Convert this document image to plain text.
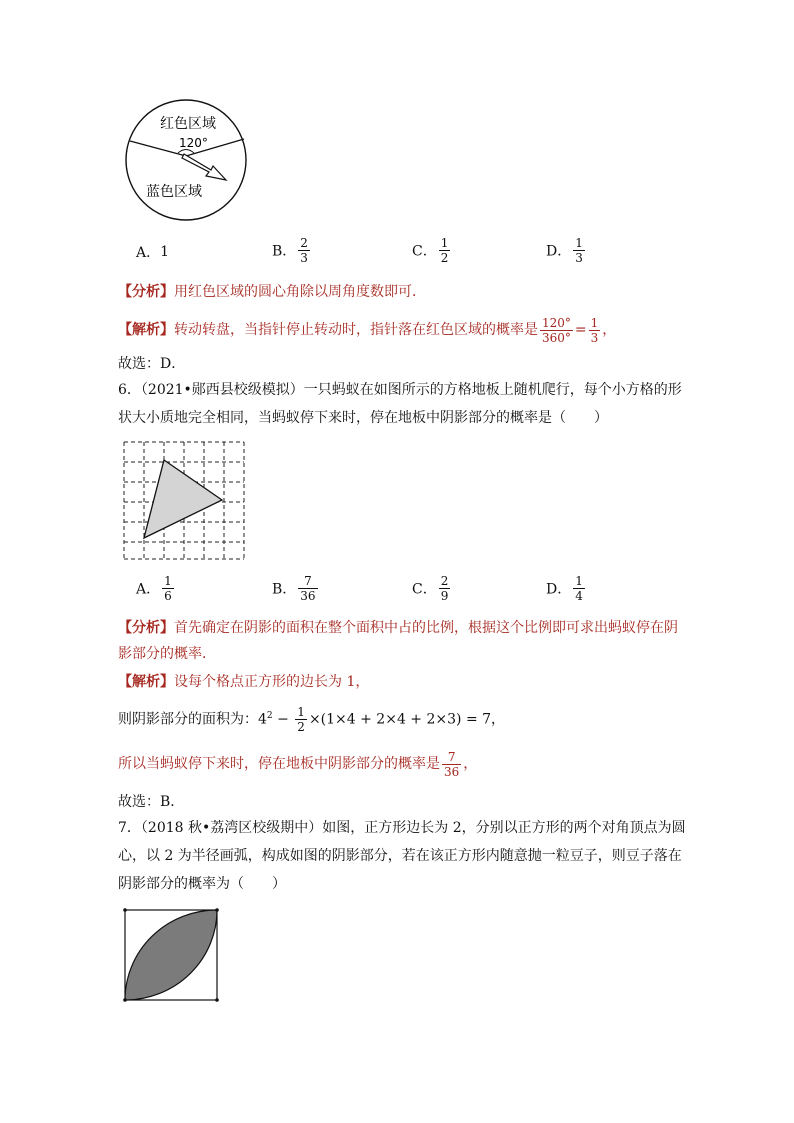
红色区域
120°
蓝色区域
A．1	B． $\frac{2}{3}$	C． $\frac{1}{2}$	D． $\frac{1}{3}$
【分析】用红色区域的圆心角除以周角度数即可．
【解析】转动转盘，当指针停止转动时，指针落在红色区域的概率是 $\frac{120^\circ}{360^\circ} = \frac{1}{3}$ ，
故选：D．
6．（2021•郧西县校级模拟）一只蚂蚁在如图所示的方格地板上随机爬行，每个小方格的形
状大小质地完全相同，当蚂蚁停下来时，停在地板中阴影部分的概率是（　　）
A． $\frac{1}{6}$	B． $\frac{7}{36}$	C． $\frac{2}{9}$	D． $\frac{1}{4}$
【分析】首先确定在阴影的面积在整个面积中占的比例，根据这个比例即可求出蚂蚁停在阴
影部分的概率．
【解析】设每个格点正方形的边长为 1，
则阴影部分的面积为：$4^2 - \frac{1}{2} \times(1\times 4 + 2\times 4 + 2\times 3) = 7$，
所以当蚂蚁停下来时，停在地板中阴影部分的概率是 $\frac{7}{36}$ ，
故选：B．
7．（2018 秋•荔湾区校级期中）如图，正方形边长为 2，分别以正方形的两个对角顶点为圆
心，以 2 为半径画弧，构成如图的阴影部分，若在该正方形内随意抛一粒豆子，则豆子落在
阴影部分的概率为（　　）
